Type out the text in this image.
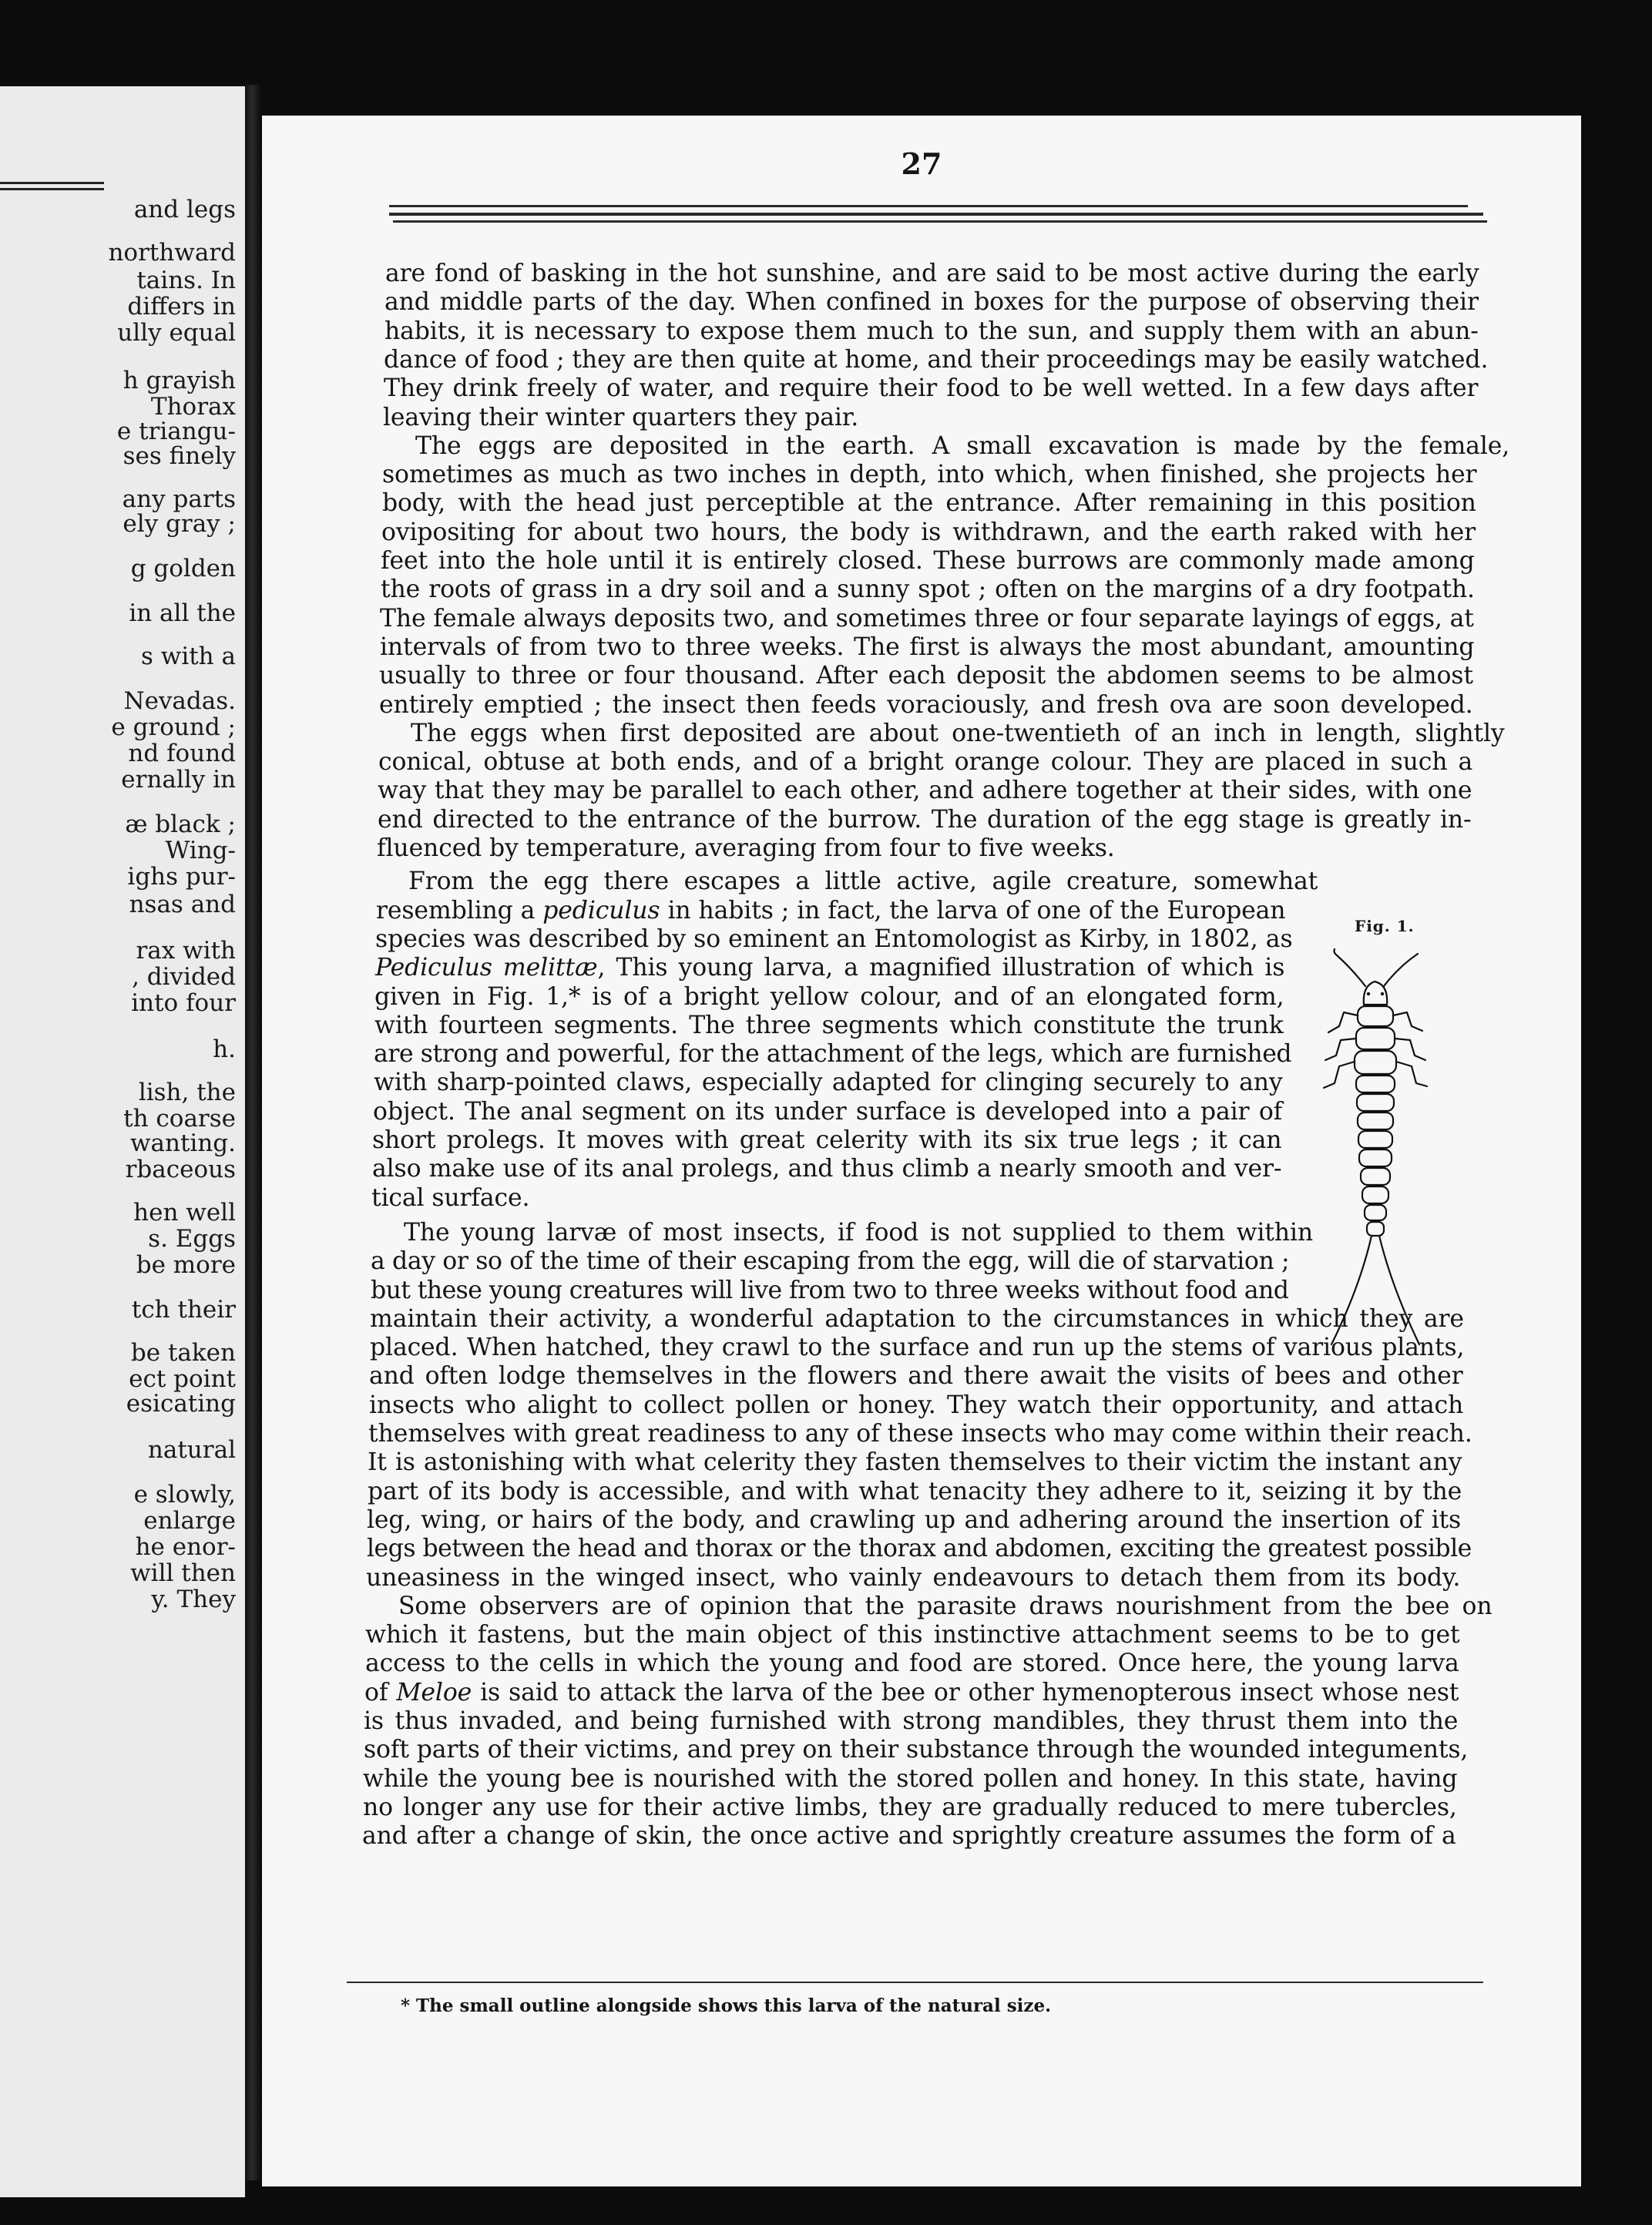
and legs
northward
tains. In
differs in
ully equal
h grayish
Thorax
e triangu-
ses finely
any parts
ely gray ;
g golden
in all the
s with a
Nevadas.
e ground ;
nd found
ernally in
æ black ;
Wing-
ighs pur-
nsas and
rax with
, divided
into four
h.
lish, the
th coarse
wanting.
rbaceous
hen well
s. Eggs
be more
tch their
be taken
ect point
esicating
natural
e slowly,
enlarge
he enor-
will then
y. They
27
are fond of basking in the hot sunshine, and are said to be most active during the early
and middle parts of the day. When confined in boxes for the purpose of observing their
habits, it is necessary to expose them much to the sun, and supply them with an abun-
dance of food ; they are then quite at home, and their proceedings may be easily watched.
They drink freely of water, and require their food to be well wetted. In a few days after
leaving their winter quarters they pair.
The eggs are deposited in the earth. A small excavation is made by the female,
sometimes as much as two inches in depth, into which, when finished, she projects her
body, with the head just perceptible at the entrance. After remaining in this position
ovipositing for about two hours, the body is withdrawn, and the earth raked with her
feet into the hole until it is entirely closed. These burrows are commonly made among
the roots of grass in a dry soil and a sunny spot ; often on the margins of a dry footpath.
The female always deposits two, and sometimes three or four separate layings of eggs, at
intervals of from two to three weeks. The first is always the most abundant, amounting
usually to three or four thousand. After each deposit the abdomen seems to be almost
entirely emptied ; the insect then feeds voraciously, and fresh ova are soon developed.
The eggs when first deposited are about one-twentieth of an inch in length, slightly
conical, obtuse at both ends, and of a bright orange colour. They are placed in such a
way that they may be parallel to each other, and adhere together at their sides, with one
end directed to the entrance of the burrow. The duration of the egg stage is greatly in-
fluenced by temperature, averaging from four to five weeks.
From the egg there escapes a little active, agile creature, somewhat
resembling a pediculus in habits ; in fact, the larva of one of the European
species was described by so eminent an Entomologist as Kirby, in 1802, as
Pediculus melittæ, This young larva, a magnified illustration of which is
given in Fig. 1,* is of a bright yellow colour, and of an elongated form,
with fourteen segments. The three segments which constitute the trunk
are strong and powerful, for the attachment of the legs, which are furnished
with sharp-pointed claws, especially adapted for clinging securely to any
object. The anal segment on its under surface is developed into a pair of
short prolegs. It moves with great celerity with its six true legs ; it can
also make use of its anal prolegs, and thus climb a nearly smooth and ver-
tical surface.
The young larvæ of most insects, if food is not supplied to them within
a day or so of the time of their escaping from the egg, will die of starvation ;
but these young creatures will live from two to three weeks without food and
maintain their activity, a wonderful adaptation to the circumstances in which they are
placed. When hatched, they crawl to the surface and run up the stems of various plants,
and often lodge themselves in the flowers and there await the visits of bees and other
insects who alight to collect pollen or honey. They watch their opportunity, and attach
themselves with great readiness to any of these insects who may come within their reach.
It is astonishing with what celerity they fasten themselves to their victim the instant any
part of its body is accessible, and with what tenacity they adhere to it, seizing it by the
leg, wing, or hairs of the body, and crawling up and adhering around the insertion of its
legs between the head and thorax or the thorax and abdomen, exciting the greatest possible
uneasiness in the winged insect, who vainly endeavours to detach them from its body.
Some observers are of opinion that the parasite draws nourishment from the bee on
which it fastens, but the main object of this instinctive attachment seems to be to get
access to the cells in which the young and food are stored. Once here, the young larva
of Meloe is said to attack the larva of the bee or other hymenopterous insect whose nest
is thus invaded, and being furnished with strong mandibles, they thrust them into the
soft parts of their victims, and prey on their substance through the wounded integuments,
while the young bee is nourished with the stored pollen and honey. In this state, having
no longer any use for their active limbs, they are gradually reduced to mere tubercles,
and after a change of skin, the once active and sprightly creature assumes the form of a
Fig. 1.
* The small outline alongside shows this larva of the natural size.
